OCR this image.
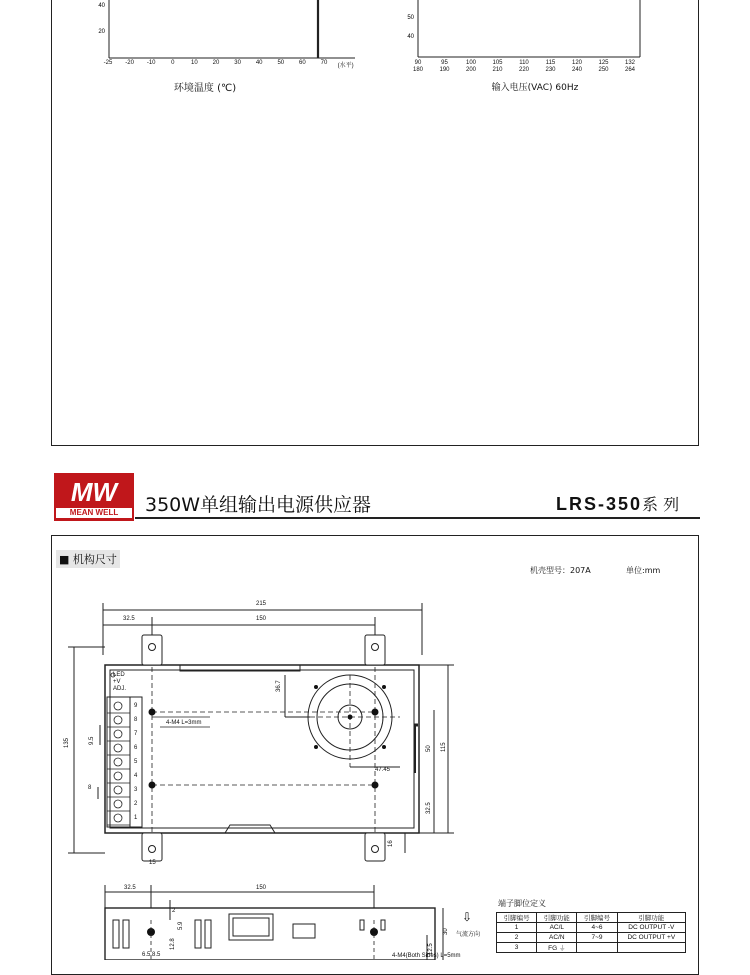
40
20
-25 -20 -10	0	10	20	30	40	50	60	70	(水平)
环境温度 (℃)
50
40
90
180
95
190
100
200
105
210
110
220
115
230
120
240
125
250
132
264
输入电压(VAC) 60Hz
MW
MEAN WELL	350W单组输出电源供应器	LRS-350系 列
■ 机构尺寸
机壳型号：207A	单位:mm
215
32.5	150
135	115
36.7
47.45
50
32.5
16
15
9.5
8
4-M4 L=3mm
LED
+V
ADJ.
9
8
7
6
5
4
3
2
1
32.5	150
30
12.5
12.8
2
5.9
6.5 8.5	4-M4(Both Sides) L=5mm
⇩
气流方向
端子脚位定义
引脚编号	引脚功能	引脚编号	引脚功能
1	AC/L	4~6	DC OUTPUT -V
2	AC/N	7~9	DC OUTPUT +V
3	FG ⏚		
